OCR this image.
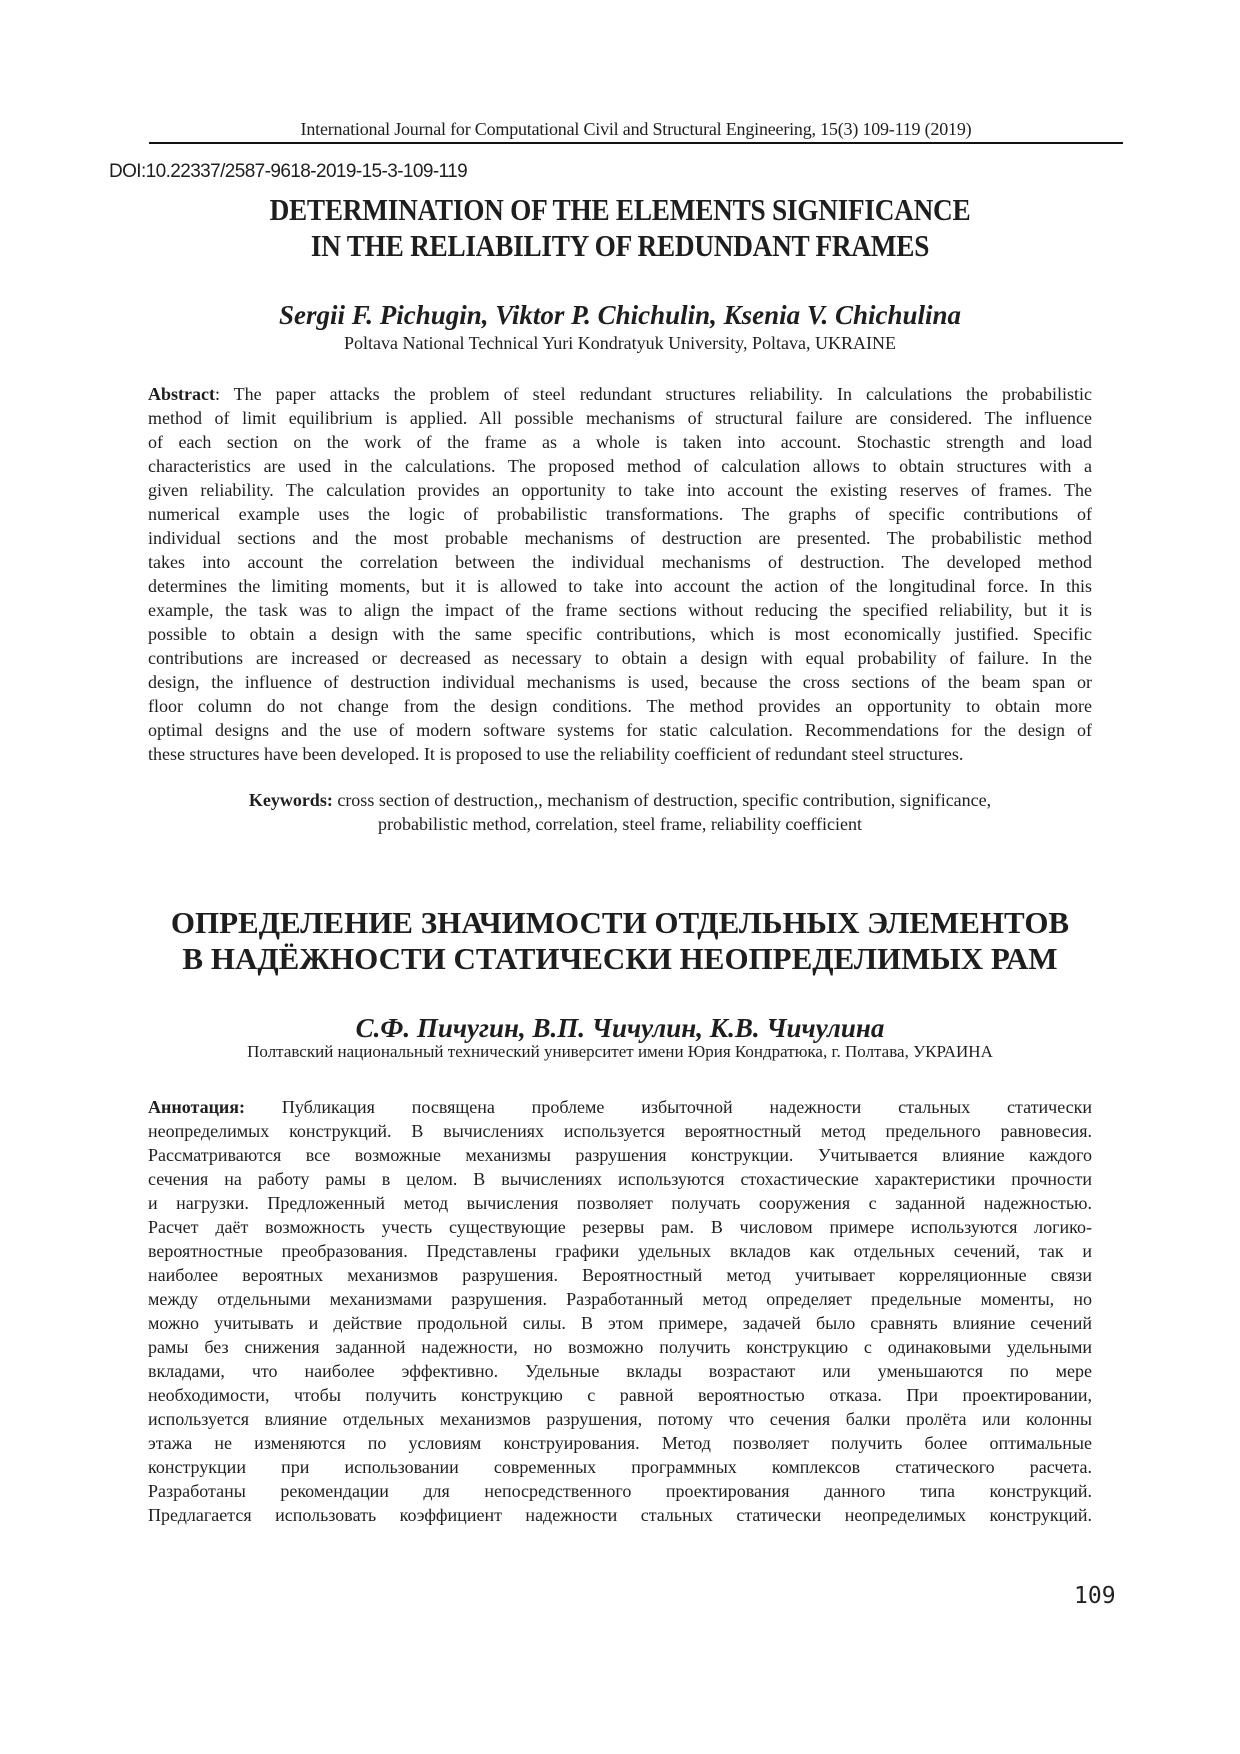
International Journal for Computational Civil and Structural Engineering, 15(3) 109-119 (2019)
DOI:10.22337/2587-9618-2019-15-3-109-119
DETERMINATION OF THE ELEMENTS SIGNIFICANCE
IN THE RELIABILITY OF REDUNDANT FRAMES
Sergii F. Pichugin, Viktor P. Chichulin, Ksenia V. Chichulina
Poltava National Technical Yuri Kondratyuk University, Poltava, UKRAINE
Abstract: The paper attacks the problem of steel redundant structures reliability. In calculations the probabilistic
method of limit equilibrium is applied. All possible mechanisms of structural failure are considered. The influence
of each section on the work of the frame as a whole is taken into account. Stochastic strength and load
characteristics are used in the calculations. The proposed method of calculation allows to obtain structures with a
given reliability. The calculation provides an opportunity to take into account the existing reserves of frames. The
numerical example uses the logic of probabilistic transformations. The graphs of specific contributions of
individual sections and the most probable mechanisms of destruction are presented. The probabilistic method
takes into account the correlation between the individual mechanisms of destruction. The developed method
determines the limiting moments, but it is allowed to take into account the action of the longitudinal force. In this
example, the task was to align the impact of the frame sections without reducing the specified reliability, but it is
possible to obtain a design with the same specific contributions, which is most economically justified. Specific
contributions are increased or decreased as necessary to obtain a design with equal probability of failure. In the
design, the influence of destruction individual mechanisms is used, because the cross sections of the beam span or
floor column do not change from the design conditions. The method provides an opportunity to obtain more
optimal designs and the use of modern software systems for static calculation. Recommendations for the design of
these structures have been developed. It is proposed to use the reliability coefficient of redundant steel structures.
Keywords: cross section of destruction,, mechanism of destruction, specific contribution, significance,
probabilistic method, correlation, steel frame, reliability coefficient
ОПРЕДЕЛЕНИЕ ЗНАЧИМОСТИ ОТДЕЛЬНЫХ ЭЛЕМЕНТОВ
В НАДЁЖНОСТИ СТАТИЧЕСКИ НЕОПРЕДЕЛИМЫХ РАМ
С.Ф. Пичугин, В.П. Чичулин, К.В. Чичулина
Полтавский национальный технический университет имени Юрия Кондратюка, г. Полтава, УКРАИНА
Аннотация: Публикация посвящена проблеме избыточной надежности стальных статически
неопределимых конструкций. В вычислениях используется вероятностный метод предельного равновесия.
Рассматриваются все возможные механизмы разрушения конструкции. Учитывается влияние каждого
сечения на работу рамы в целом. В вычислениях используются стохастические характеристики прочности
и нагрузки. Предложенный метод вычисления позволяет получать сооружения с заданной надежностью.
Расчет даёт возможность учесть существующие резервы рам. В числовом примере используются логико-
вероятностные преобразования. Представлены графики удельных вкладов как отдельных сечений, так и
наиболее вероятных механизмов разрушения. Вероятностный метод учитывает корреляционные связи
между отдельными механизмами разрушения. Разработанный метод определяет предельные моменты, но
можно учитывать и действие продольной силы. В этом примере, задачей было сравнять влияние сечений
рамы без снижения заданной надежности, но возможно получить конструкцию с одинаковыми удельными
вкладами, что наиболее эффективно. Удельные вклады возрастают или уменьшаются по мере
необходимости, чтобы получить конструкцию с равной вероятностью отказа. При проектировании,
используется влияние отдельных механизмов разрушения, потому что сечения балки пролёта или колонны
этажа не изменяются по условиям конструирования. Метод позволяет получить более оптимальные
конструкции при использовании современных программных комплексов статического расчета.
Разработаны рекомендации для непосредственного проектирования данного типа конструкций.
Предлагается использовать коэффициент надежности стальных статически неопределимых конструкций.
109
